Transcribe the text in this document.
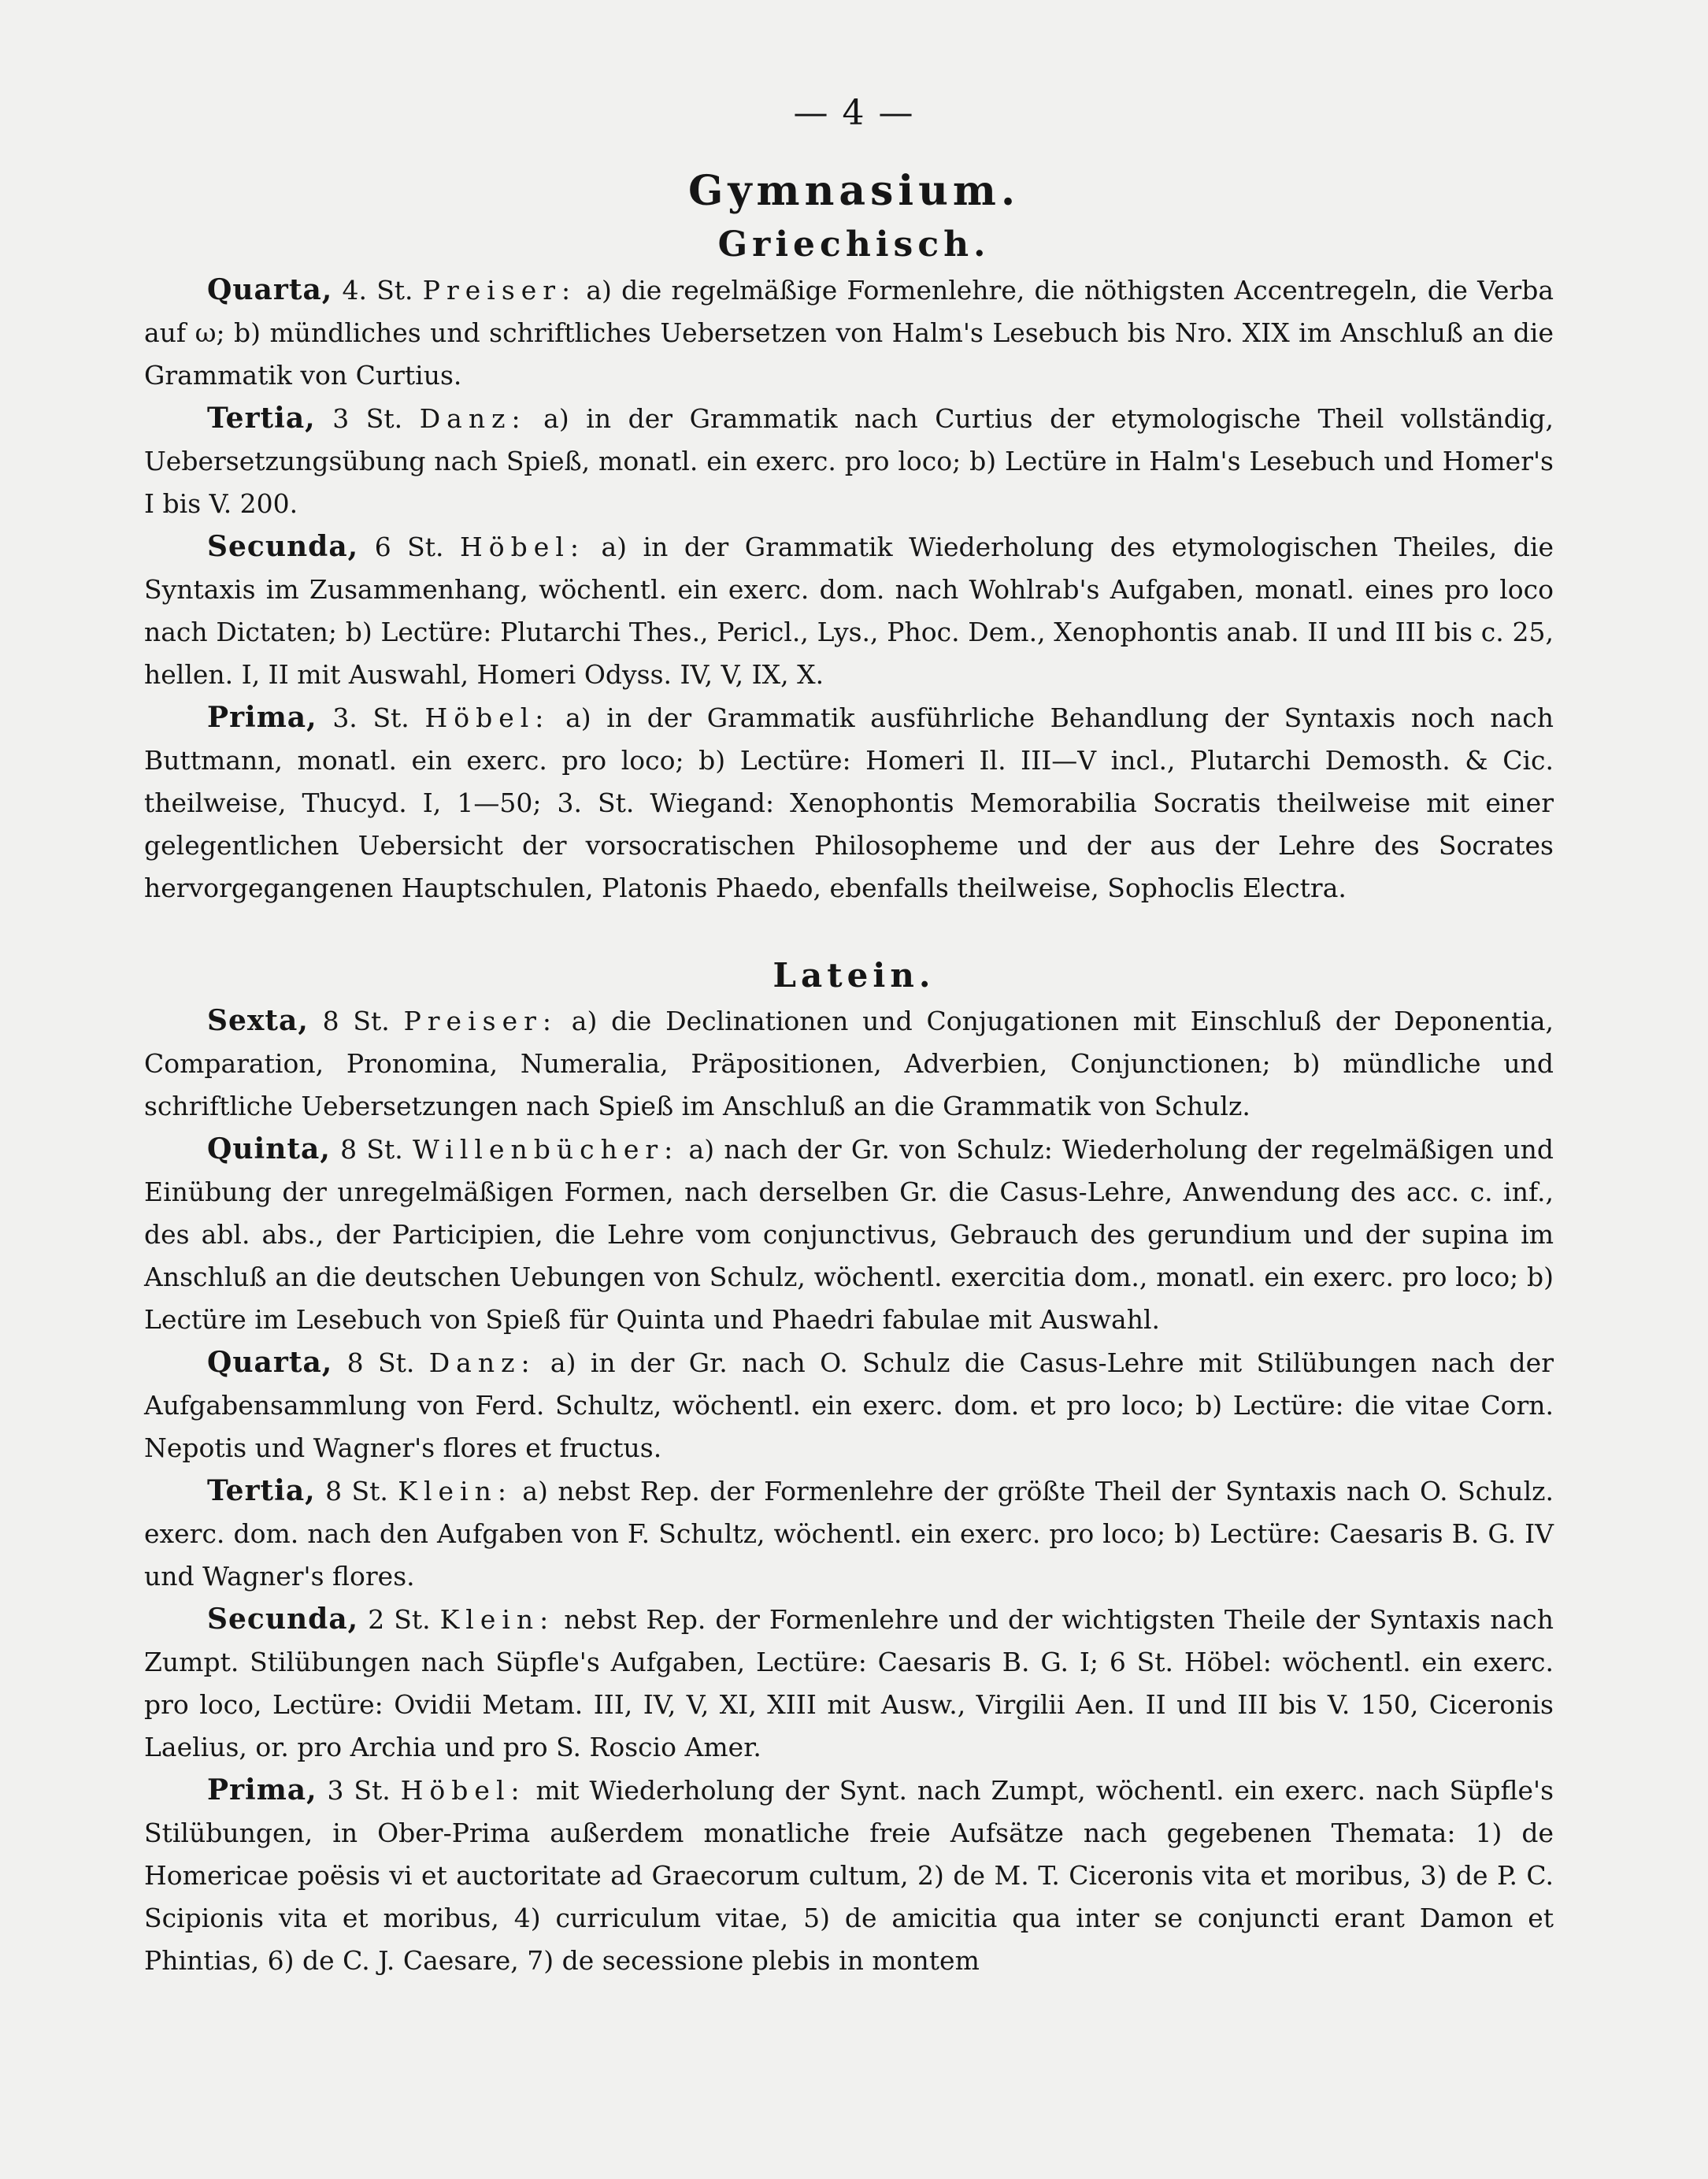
— 4 —
Gymnasium.
Griechisch.

Quarta, 4. St. Preiser: a) die regelmäßige Formenlehre, die nöthigsten Accentregeln, die Verba auf ω; b) mündliches und schriftliches Uebersetzen von Halm's Lesebuch bis Nro. XIX im Anschluß an die Grammatik von Curtius.

Tertia, 3 St. Danz: a) in der Grammatik nach Curtius der etymologische Theil vollständig, Uebersetzungsübung nach Spieß, monatl. ein exerc. pro loco; b) Lectüre in Halm's Lesebuch und Homer's I bis V. 200.

Secunda, 6 St. Höbel: a) in der Grammatik Wiederholung des etymologischen Theiles, die Syntaxis im Zusammenhang, wöchentl. ein exerc. dom. nach Wohlrab's Aufgaben, monatl. eines pro loco nach Dictaten; b) Lectüre: Plutarchi Thes., Pericl., Lys., Phoc. Dem., Xenophontis anab. II und III bis c. 25, hellen. I, II mit Auswahl, Homeri Odyss. IV, V, IX, X.

Prima, 3. St. Höbel: a) in der Grammatik ausführliche Behandlung der Syntaxis noch nach Buttmann, monatl. ein exerc. pro loco; b) Lectüre: Homeri Il. III—V incl., Plutarchi Demosth. & Cic. theilweise, Thucyd. I, 1—50; 3. St. Wiegand: Xenophontis Memorabilia Socratis theilweise mit einer gelegentlichen Uebersicht der vorsocratischen Philosopheme und der aus der Lehre des Socrates hervorgegangenen Hauptschulen, Platonis Phaedo, ebenfalls theilweise, Sophoclis Electra.

Latein.

Sexta, 8 St. Preiser: a) die Declinationen und Conjugationen mit Einschluß der Deponentia, Comparation, Pronomina, Numeralia, Präpositionen, Adverbien, Conjunctionen; b) mündliche und schriftliche Uebersetzungen nach Spieß im Anschluß an die Grammatik von Schulz.

Quinta, 8 St. Willenbücher: a) nach der Gr. von Schulz: Wiederholung der regelmäßigen und Einübung der unregelmäßigen Formen, nach derselben Gr. die Casus-Lehre, Anwendung des acc. c. inf., des abl. abs., der Participien, die Lehre vom conjunctivus, Gebrauch des gerundium und der supina im Anschluß an die deutschen Uebungen von Schulz, wöchentl. exercitia dom., monatl. ein exerc. pro loco; b) Lectüre im Lesebuch von Spieß für Quinta und Phaedri fabulae mit Auswahl.

Quarta, 8 St. Danz: a) in der Gr. nach O. Schulz die Casus-Lehre mit Stilübungen nach der Aufgabensammlung von Ferd. Schultz, wöchentl. ein exerc. dom. et pro loco; b) Lectüre: die vitae Corn. Nepotis und Wagner's flores et fructus.

Tertia, 8 St. Klein: a) nebst Rep. der Formenlehre der größte Theil der Syntaxis nach O. Schulz. exerc. dom. nach den Aufgaben von F. Schultz, wöchentl. ein exerc. pro loco; b) Lectüre: Caesaris B. G. IV und Wagner's flores.

Secunda, 2 St. Klein: nebst Rep. der Formenlehre und der wichtigsten Theile der Syntaxis nach Zumpt. Stilübungen nach Süpfle's Aufgaben, Lectüre: Caesaris B. G. I; 6 St. Höbel: wöchentl. ein exerc. pro loco, Lectüre: Ovidii Metam. III, IV, V, XI, XIII mit Ausw., Virgilii Aen. II und III bis V. 150, Ciceronis Laelius, or. pro Archia und pro S. Roscio Amer.

Prima, 3 St. Höbel: mit Wiederholung der Synt. nach Zumpt, wöchentl. ein exerc. nach Süpfle's Stilübungen, in Ober-Prima außerdem monatliche freie Aufsätze nach gegebenen Themata: 1) de Homericae poësis vi et auctoritate ad Graecorum cultum, 2) de M. T. Ciceronis vita et moribus, 3) de P. C. Scipionis vita et moribus, 4) curriculum vitae, 5) de amicitia qua inter se conjuncti erant Damon et Phintias, 6) de C. J. Caesare, 7) de secessione plebis in montem
